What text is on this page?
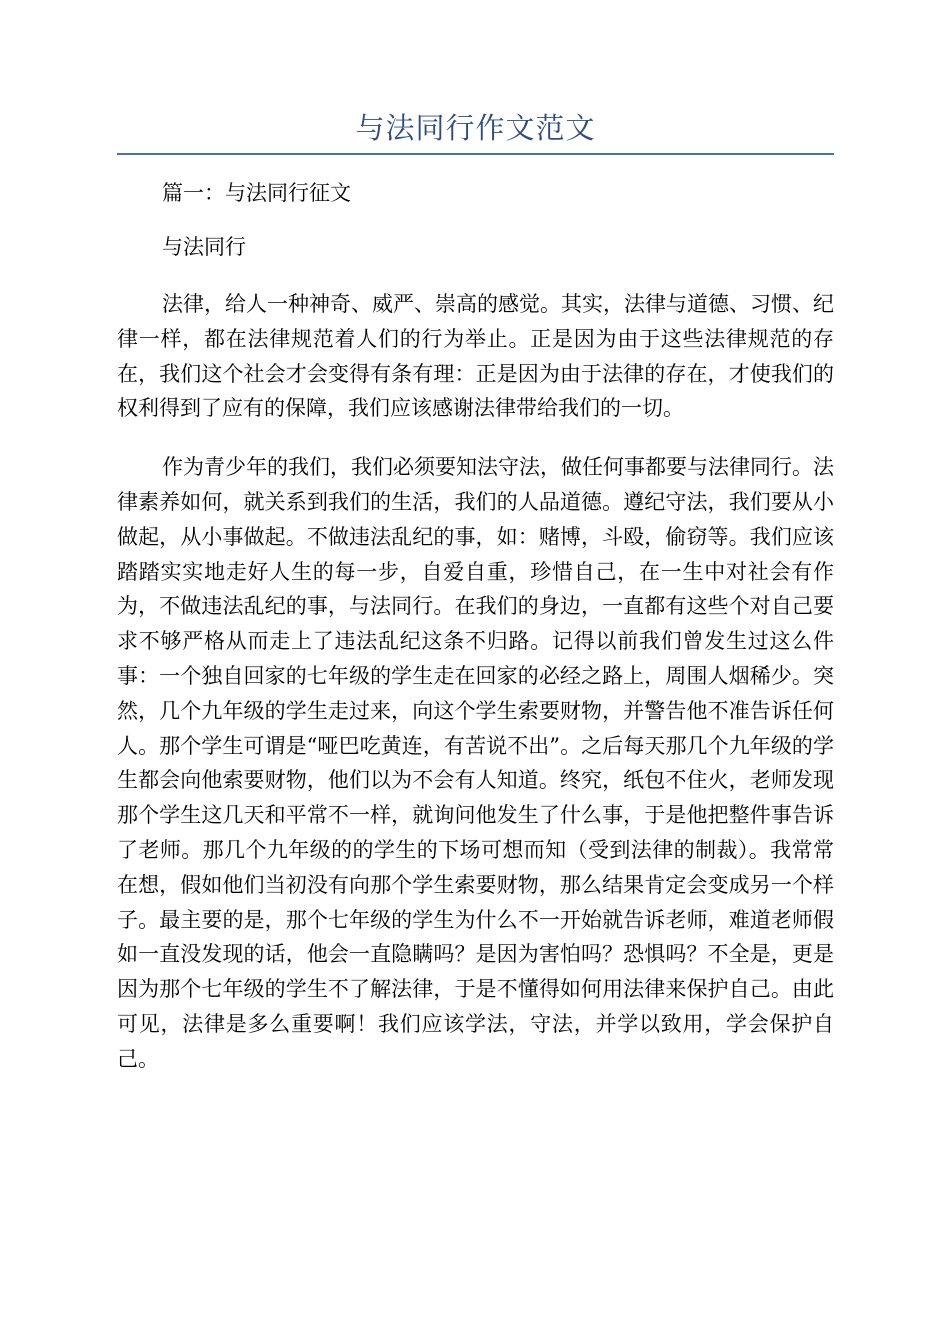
与法同行作文范文
篇一：与法同行征文
与法同行

法律，给人一种神奇、威严、崇高的感觉。其实，法律与道德、习惯、纪律一样，都在法律规范着人们的行为举止。正是因为由于这些法律规范的存在，我们这个社会才会变得有条有理：正是因为由于法律的存在，才使我们的权利得到了应有的保障，我们应该感谢法律带给我们的一切。

作为青少年的我们，我们必须要知法守法，做任何事都要与法律同行。法律素养如何，就关系到我们的生活，我们的人品道德。遵纪守法，我们要从小做起，从小事做起。不做违法乱纪的事，如：赌博，斗殴，偷窃等。我们应该踏踏实实地走好人生的每一步，自爱自重，珍惜自己，在一生中对社会有作为，不做违法乱纪的事，与法同行。在我们的身边，一直都有这些个对自己要求不够严格从而走上了违法乱纪这条不归路。记得以前我们曾发生过这么件事：一个独自回家的七年级的学生走在回家的必经之路上，周围人烟稀少。突然，几个九年级的学生走过来，向这个学生索要财物，并警告他不准告诉任何人。那个学生可谓是“哑巴吃黄连，有苦说不出”。之后每天那几个九年级的学生都会向他索要财物，他们以为不会有人知道。终究，纸包不住火，老师发现那个学生这几天和平常不一样，就询问他发生了什么事，于是他把整件事告诉了老师。那几个九年级的的学生的下场可想而知（受到法律的制裁）。我常常在想，假如他们当初没有向那个学生索要财物，那么结果肯定会变成另一个样子。最主要的是，那个七年级的学生为什么不一开始就告诉老师，难道老师假如一直没发现的话，他会一直隐瞒吗？是因为害怕吗？恐惧吗？不全是，更是因为那个七年级的学生不了解法律，于是不懂得如何用法律来保护自己。由此可见，法律是多么重要啊！我们应该学法，守法，并学以致用，学会保护自己。
